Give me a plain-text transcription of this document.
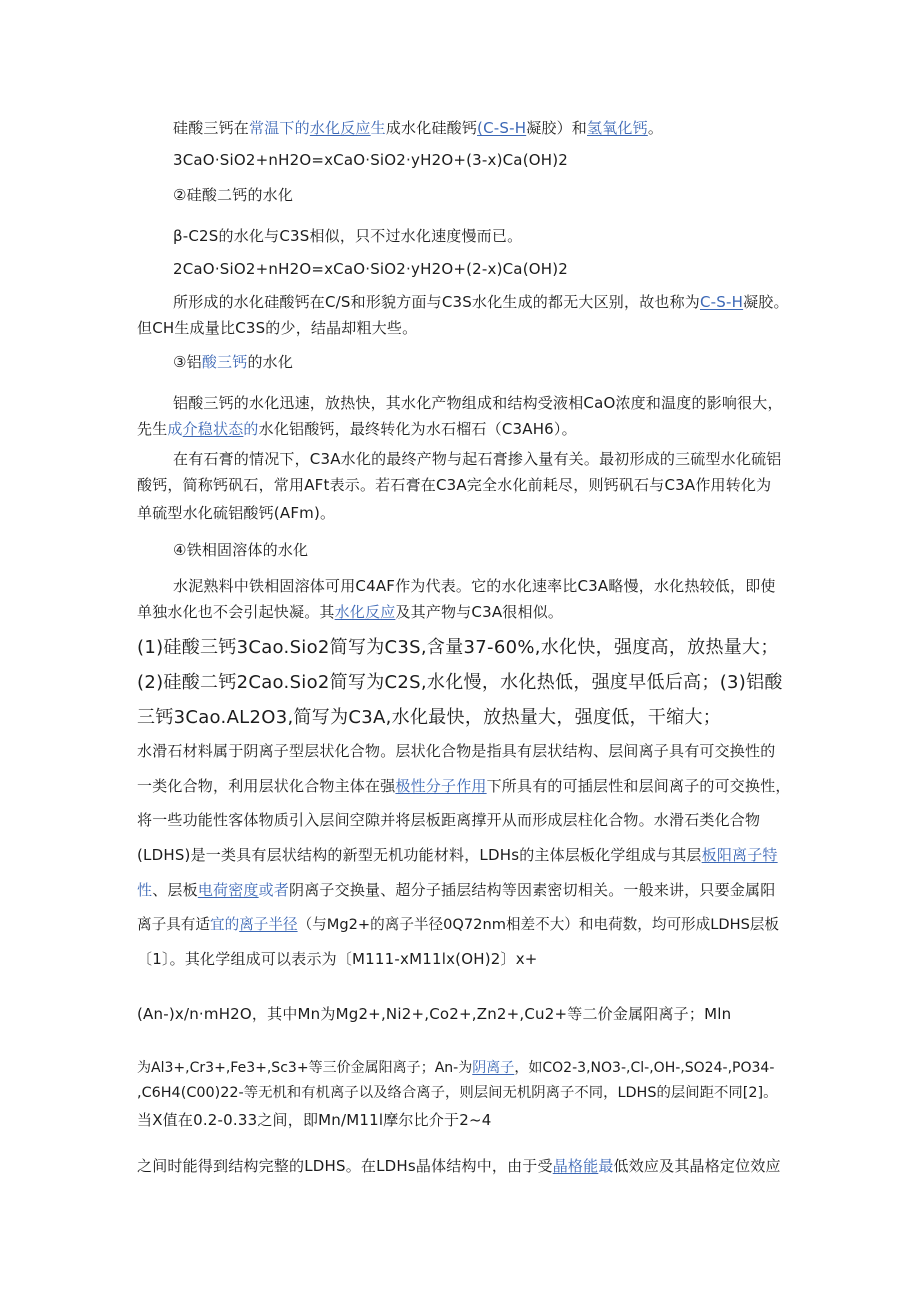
硅酸三钙在常温下的水化反应生成水化硅酸钙(C-S-H凝胶）和氢氧化钙。
3CaO·SiO2+nH2O=xCaO·SiO2·yH2O+(3-x)Ca(OH)2
②硅酸二钙的水化
β-C2S的水化与C3S相似，只不过水化速度慢而已。
2CaO·SiO2+nH2O=xCaO·SiO2·yH2O+(2-x)Ca(OH)2
所形成的水化硅酸钙在C/S和形貌方面与C3S水化生成的都无大区别，故也称为C-S-H凝胶。
但CH生成量比C3S的少，结晶却粗大些。
③铝酸三钙的水化
铝酸三钙的水化迅速，放热快，其水化产物组成和结构受液相CaO浓度和温度的影响很大，
先生成介稳状态的水化铝酸钙，最终转化为水石榴石（C3AH6）。
在有石膏的情况下，C3A水化的最终产物与起石膏掺入量有关。最初形成的三硫型水化硫铝
酸钙，简称钙矾石，常用AFt表示。若石膏在C3A完全水化前耗尽，则钙矾石与C3A作用转化为
单硫型水化硫铝酸钙(AFm)。
④铁相固溶体的水化
水泥熟料中铁相固溶体可用C4AF作为代表。它的水化速率比C3A略慢，水化热较低，即使
单独水化也不会引起快凝。其水化反应及其产物与C3A很相似。
(1)硅酸三钙3Cao.Sio2简写为C3S,含量37-60%,水化快，强度高，放热量大；
(2)硅酸二钙2Cao.Sio2简写为C2S,水化慢，水化热低，强度早低后高；(3)铝酸
三钙3Cao.AL2O3,简写为C3A,水化最快，放热量大，强度低，干缩大；
水滑石材料属于阴离子型层状化合物。层状化合物是指具有层状结构、层间离子具有可交换性的
一类化合物，利用层状化合物主体在强极性分子作用下所具有的可插层性和层间离子的可交换性，
将一些功能性客体物质引入层间空隙并将层板距离撑开从而形成层柱化合物。水滑石类化合物
(LDHS)是一类具有层状结构的新型无机功能材料，LDHs的主体层板化学组成与其层板阳离子特
性、层板电荷密度或者阴离子交换量、超分子插层结构等因素密切相关。一般来讲，只要金属阳
离子具有适宜的离子半径（与Mg2+的离子半径0Q72nm相差不大）和电荷数，均可形成LDHS层板
〔1〕。其化学组成可以表示为〔M111-xM11lx(OH)2〕x+
(An-)x/n·mH2O，其中Mn为Mg2+,Ni2+,Co2+,Zn2+,Cu2+等二价金属阳离子；Mln
为Al3+,Cr3+,Fe3+,Sc3+等三价金属阳离子；An-为阴离子，如CO2-3,NO3-,Cl-,OH-,SO24-,PO34-
,C6H4(C00)22-等无机和有机离子以及络合离子，则层间无机阴离子不同，LDHS的层间距不同[2]。
当X值在0.2-0.33之间，即Mn/M11l摩尔比介于2~4
之间时能得到结构完整的LDHS。在LDHs晶体结构中，由于受晶格能最低效应及其晶格定位效应
